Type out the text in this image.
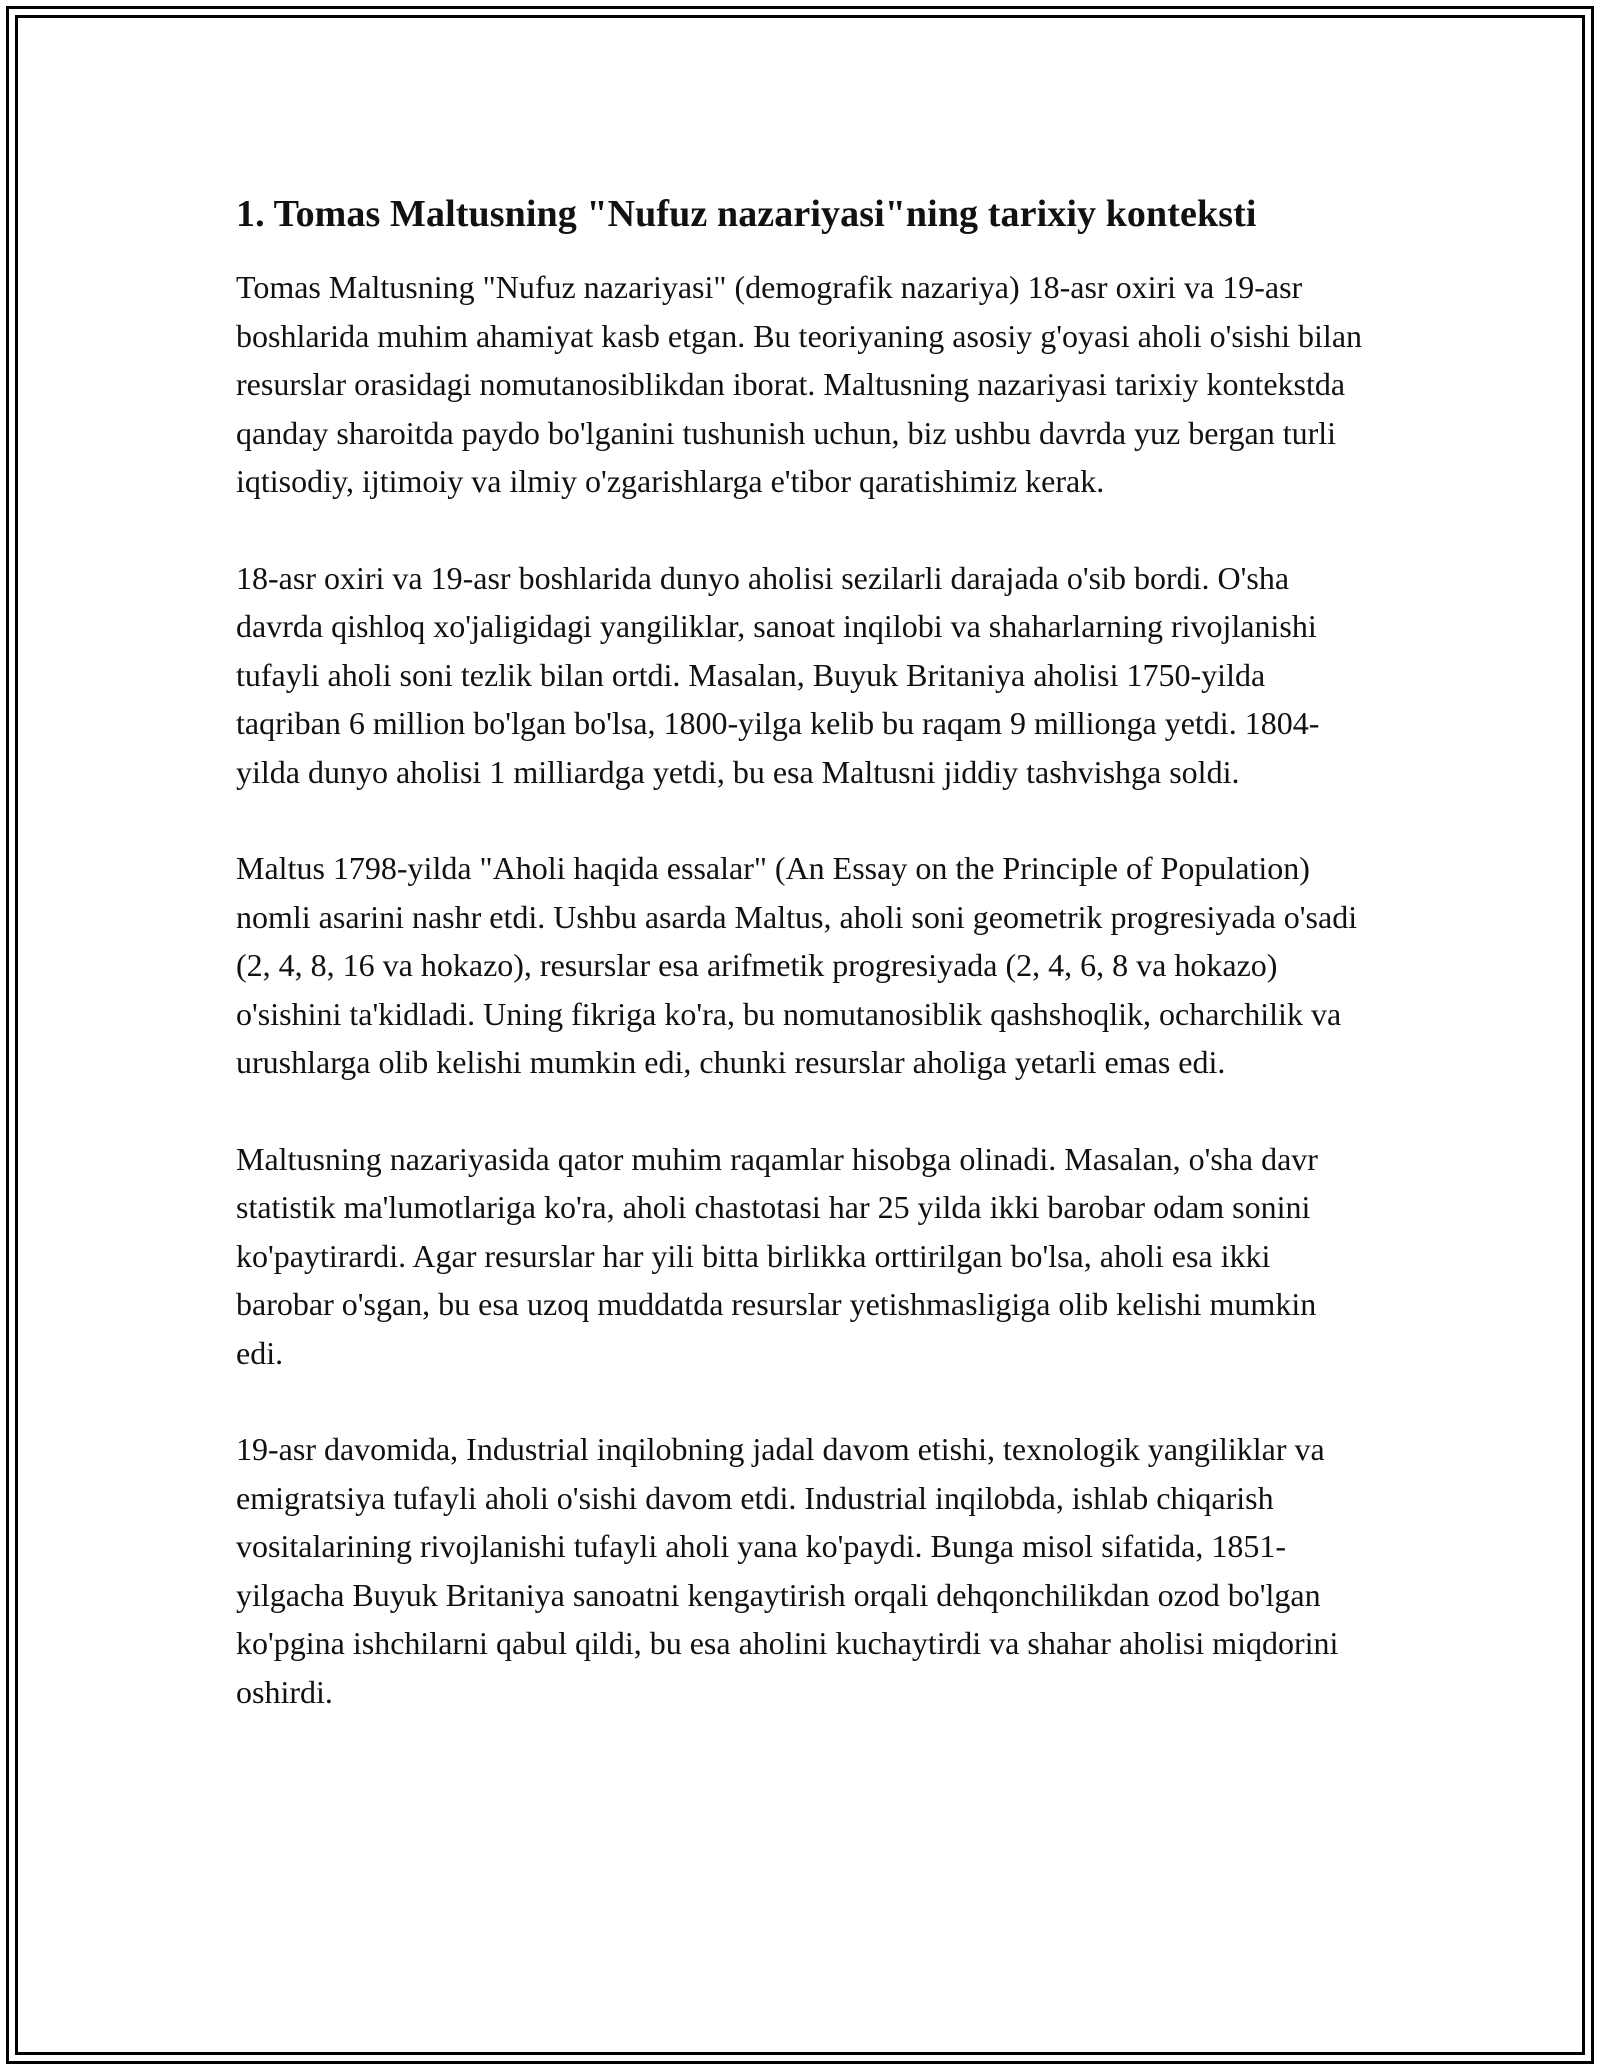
1. Tomas Maltusning "Nufuz nazariyasi"ning tarixiy konteksti

Tomas Maltusning "Nufuz nazariyasi" (demografik nazariya) 18-asr oxiri va 19-asr boshlarida muhim ahamiyat kasb etgan. Bu teoriyaning asosiy g'oyasi aholi o'sishi bilan resurslar orasidagi nomutanosiblikdan iborat. Maltusning nazariyasi tarixiy kontekstda qanday sharoitda paydo bo'lganini tushunish uchun, biz ushbu davrda yuz bergan turli iqtisodiy, ijtimoiy va ilmiy o'zgarishlarga e'tibor qaratishimiz kerak.

18-asr oxiri va 19-asr boshlarida dunyo aholisi sezilarli darajada o'sib bordi. O'sha davrda qishloq xo'jaligidagi yangiliklar, sanoat inqilobi va shaharlarning rivojlanishi tufayli aholi soni tezlik bilan ortdi. Masalan, Buyuk Britaniya aholisi 1750-yilda taqriban 6 million bo'lgan bo'lsa, 1800-yilga kelib bu raqam 9 millionga yetdi. 1804-yilda dunyo aholisi 1 milliardga yetdi, bu esa Maltusni jiddiy tashvishga soldi.

Maltus 1798-yilda "Aholi haqida essalar" (An Essay on the Principle of Population) nomli asarini nashr etdi. Ushbu asarda Maltus, aholi soni geometrik progresiyada o'sadi (2, 4, 8, 16 va hokazo), resurslar esa arifmetik progresiyada (2, 4, 6, 8 va hokazo) o'sishini ta'kidladi. Uning fikriga ko'ra, bu nomutanosiblik qashshoqlik, ocharchilik va urushlarga olib kelishi mumkin edi, chunki resurslar aholiga yetarli emas edi.

Maltusning nazariyasida qator muhim raqamlar hisobga olinadi. Masalan, o'sha davr statistik ma'lumotlariga ko'ra, aholi chastotasi har 25 yilda ikki barobar odam sonini ko'paytirardi. Agar resurslar har yili bitta birlikka orttirilgan bo'lsa, aholi esa ikki barobar o'sgan, bu esa uzoq muddatda resurslar yetishmasligiga olib kelishi mumkin edi.

19-asr davomida, Industrial inqilobning jadal davom etishi, texnologik yangiliklar va emigratsiya tufayli aholi o'sishi davom etdi. Industrial inqilobda, ishlab chiqarish vositalarining rivojlanishi tufayli aholi yana ko'paydi. Bunga misol sifatida, 1851-yilgacha Buyuk Britaniya sanoatni kengaytirish orqali dehqonchilikdan ozod bo'lgan ko'pgina ishchilarni qabul qildi, bu esa aholini kuchaytirdi va shahar aholisi miqdorini oshirdi.
